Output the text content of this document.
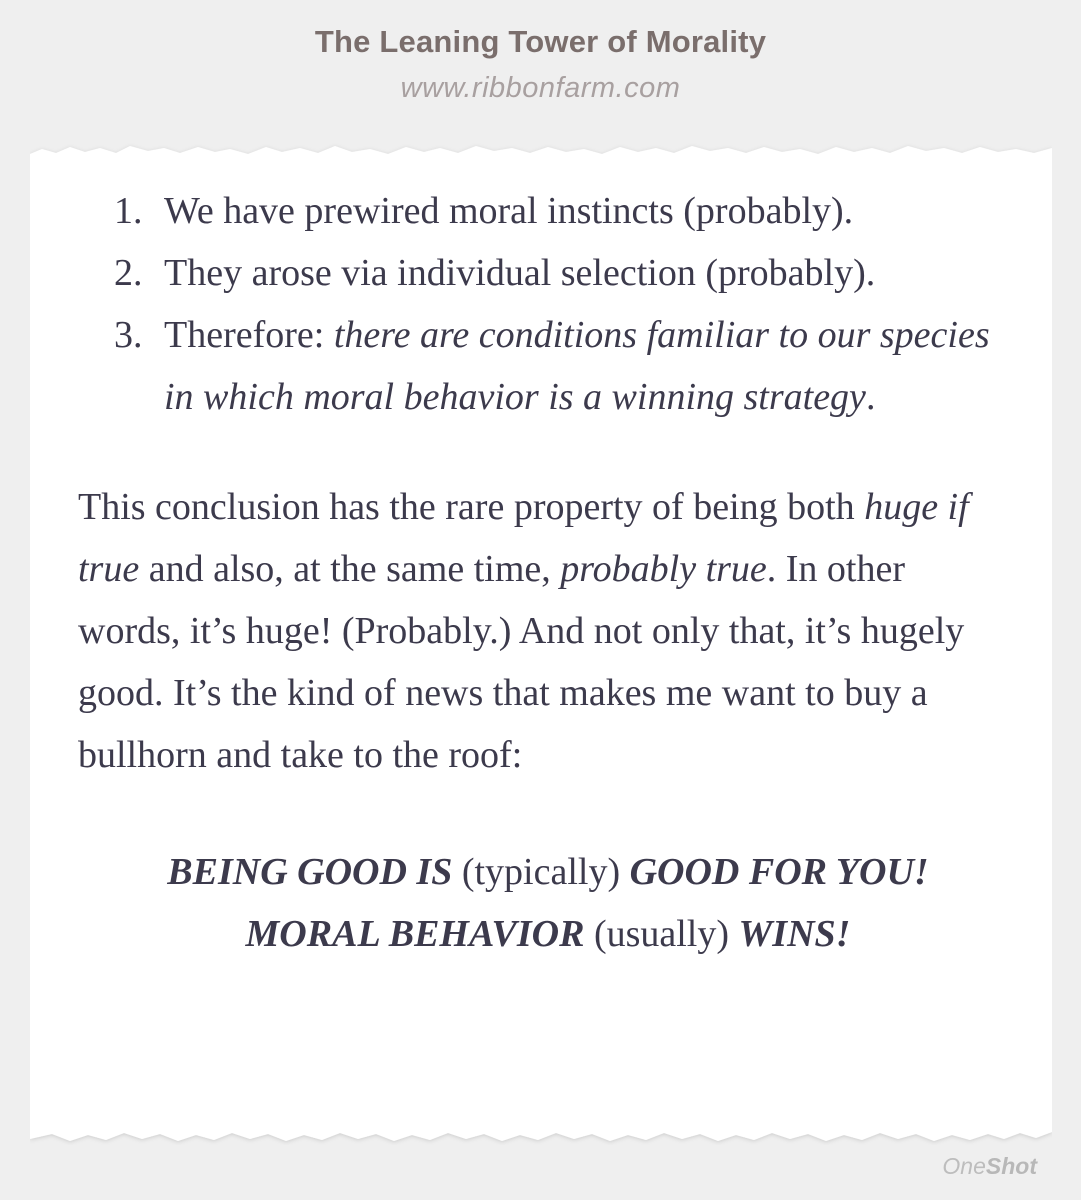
The Leaning Tower of Morality
www.ribbonfarm.com
1. We have prewired moral instincts (probably).
2. They arose via individual selection (probably).
3. Therefore: there are conditions familiar to our species in which moral behavior is a winning strategy.
This conclusion has the rare property of being both huge if true and also, at the same time, probably true. In other words, it’s huge! (Probably.) And not only that, it’s hugely good. It’s the kind of news that makes me want to buy a bullhorn and take to the roof:
BEING GOOD IS (typically) GOOD FOR YOU!
MORAL BEHAVIOR (usually) WINS!
OneShot
